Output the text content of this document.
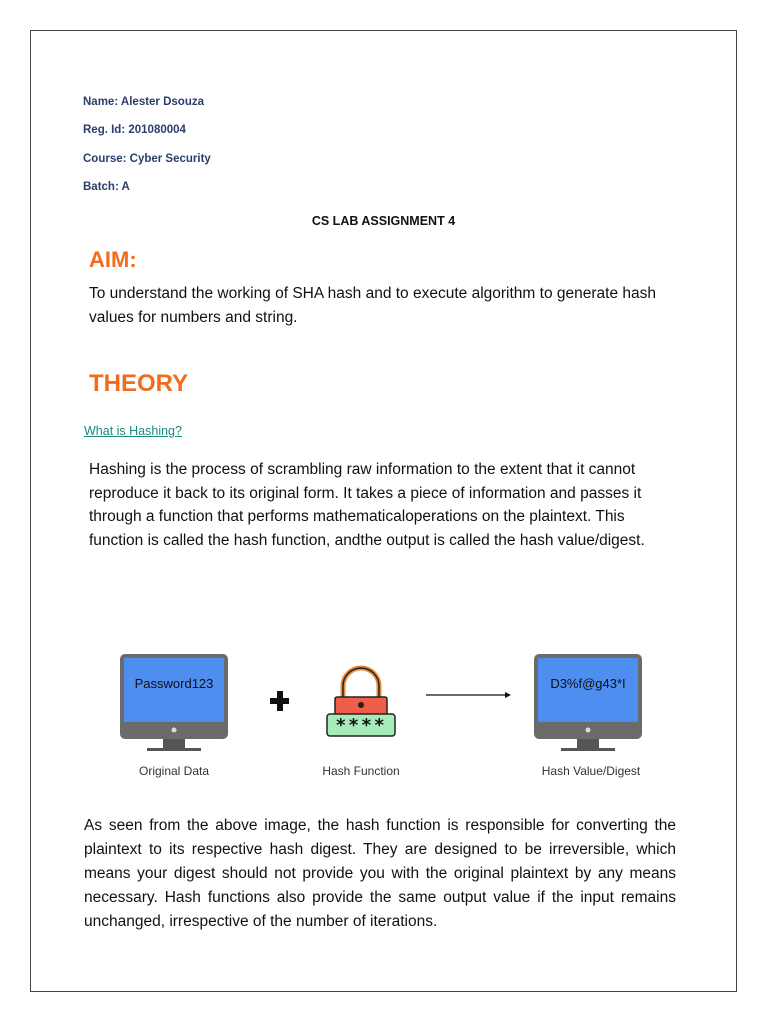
Name: Alester Dsouza
Reg. Id: 201080004
Course: Cyber Security
Batch: A
CS LAB ASSIGNMENT 4
AIM:
To understand the working of SHA hash and to execute algorithm to generate hash values for numbers and string.
THEORY
What is Hashing?
Hashing is the process of scrambling raw information to the extent that it cannot reproduce it back to its original form. It takes a piece of information and passes it through a function that performs mathematicaloperations on the plaintext. This function is called the hash function, andthe output is called the hash value/digest.
Password123
****
D3%f@g43*I
Original Data	Hash Function	Hash Value/Digest
As seen from the above image, the hash function is responsible for converting the plaintext to its respective hash digest. They are designed to be irreversible, which means your digest should not provide you with the original plaintext by any means necessary. Hash functions also provide the same output value if the input remains unchanged, irrespective of the number of iterations.
